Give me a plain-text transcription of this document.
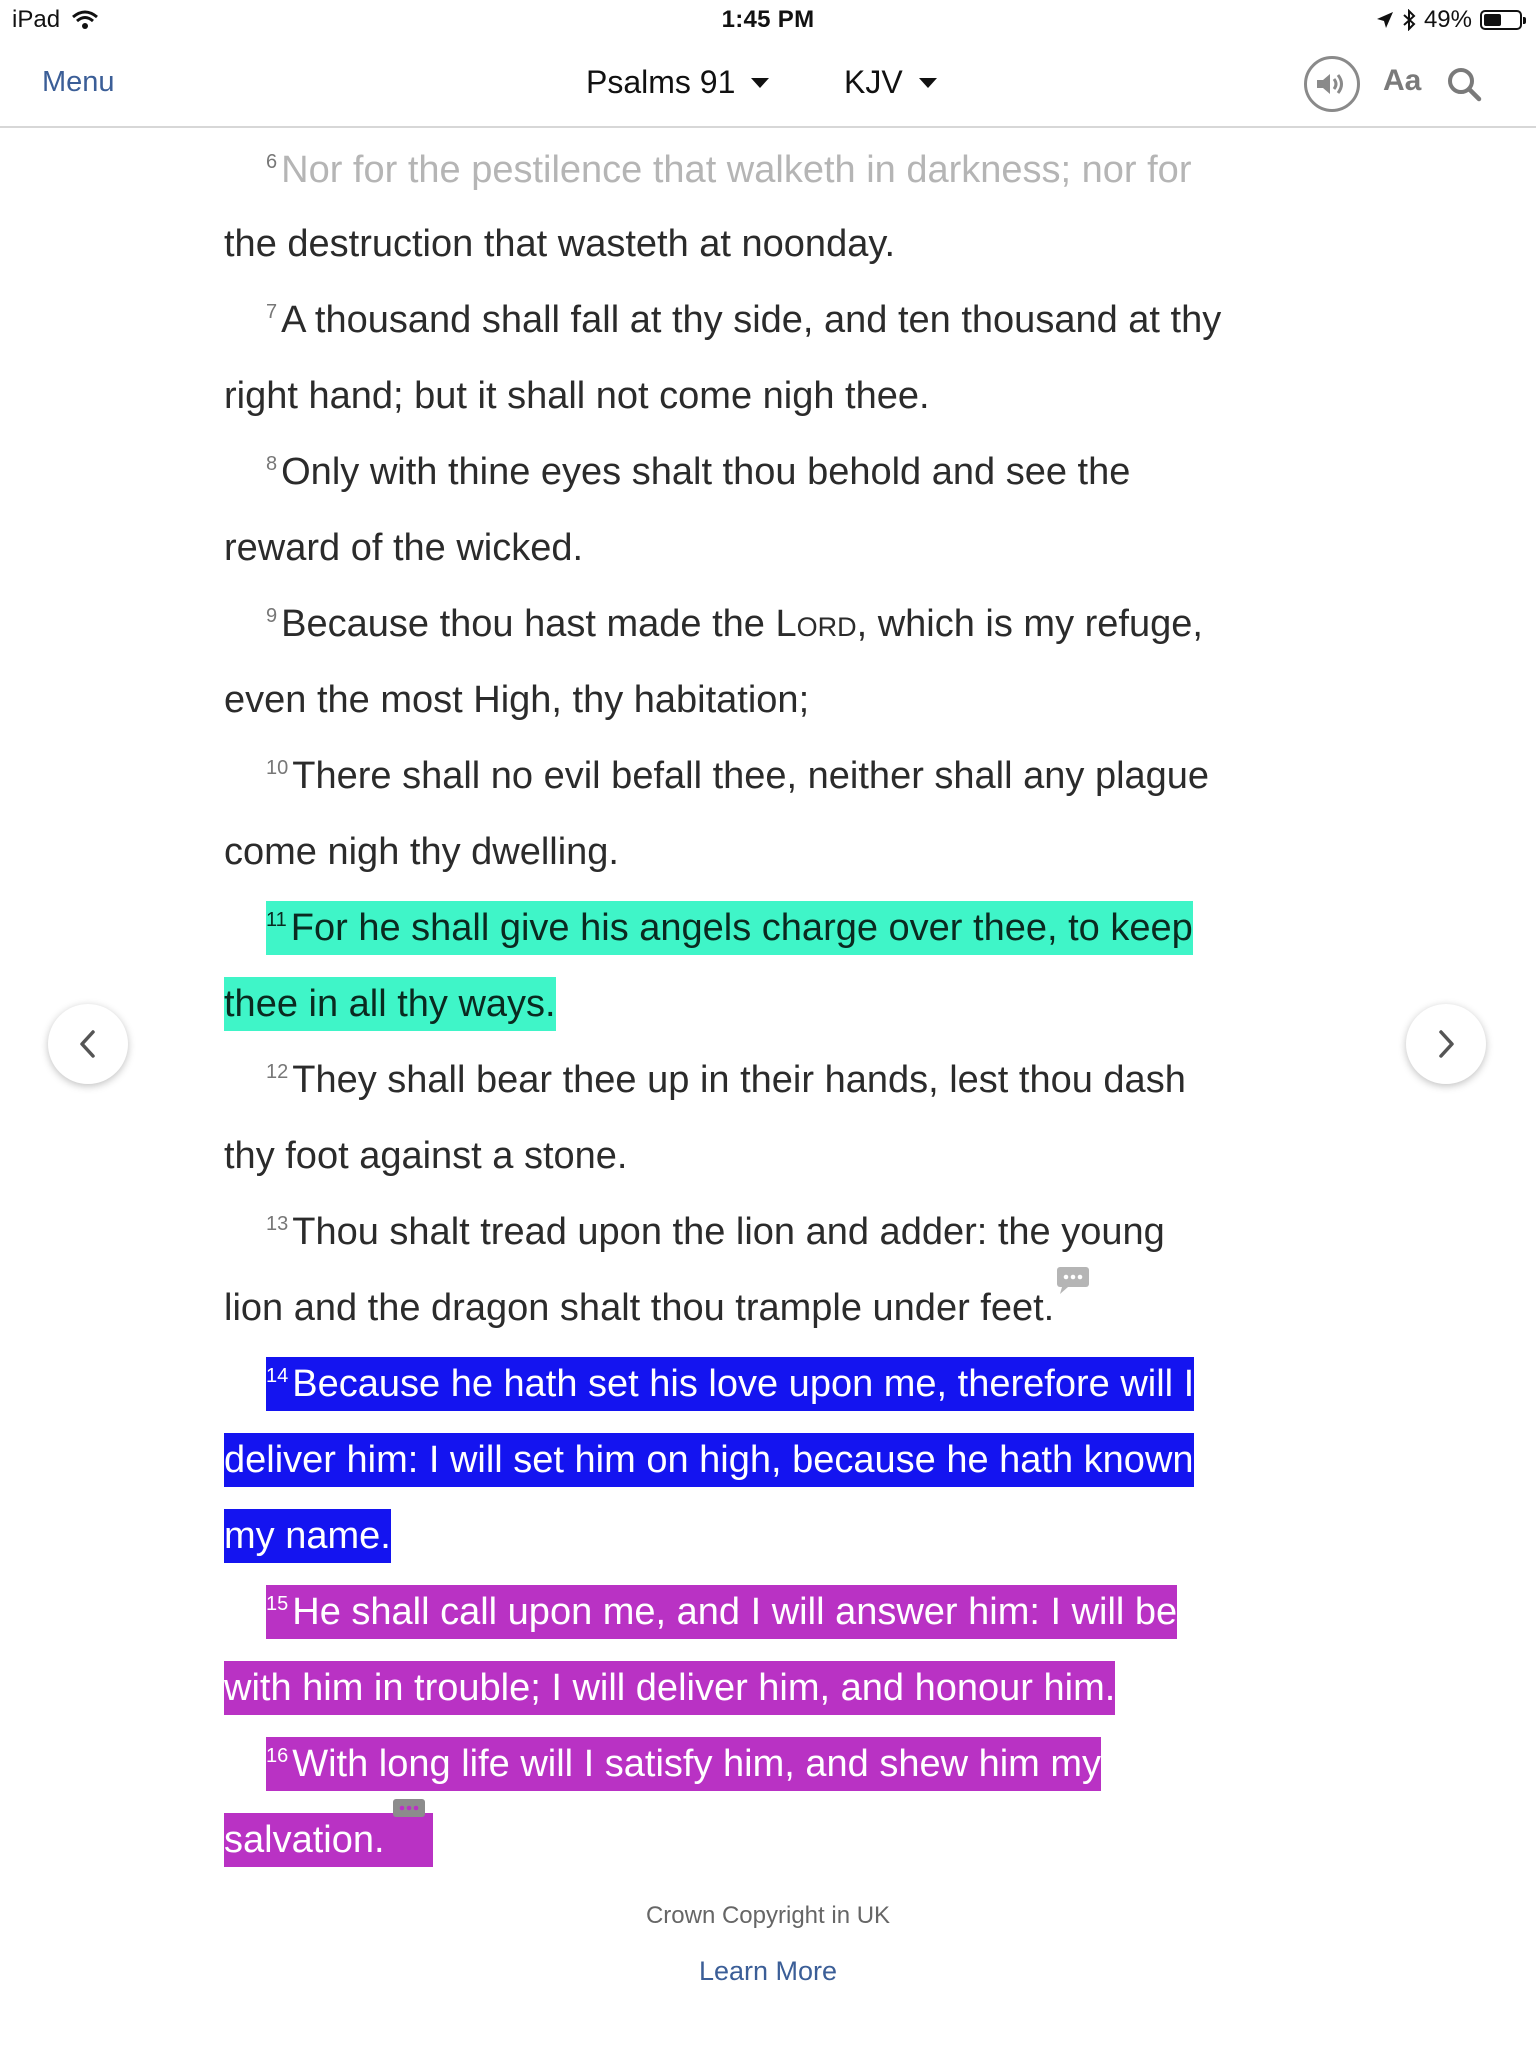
iPad	1:45 PM	49%
Menu	Psalms 91	KJV	Aa
$^6$ Nor for the pestilence that walketh in darkness; nor for
the destruction that wasteth at noonday.
$^7$ A thousand shall fall at thy side, and ten thousand at thy
right hand; but it shall not come nigh thee.
$^8$ Only with thine eyes shalt thou behold and see the
reward of the wicked.
$^9$ Because thou hast made the Lord, which is my refuge,
even the most High, thy habitation;
$^{10}$ There shall no evil befall thee, neither shall any plague
come nigh thy dwelling.
$^{11}$ For he shall give his angels charge over thee, to keep
thee in all thy ways.
$^{12}$ They shall bear thee up in their hands, lest thou dash
thy foot against a stone.
$^{13}$ Thou shalt tread upon the lion and adder: the young
lion and the dragon shalt thou trample under feet.
$^{14}$ Because he hath set his love upon me, therefore will I
deliver him: I will set him on high, because he hath known
my name.
$^{15}$ He shall call upon me, and I will answer him: I will be
with him in trouble; I will deliver him, and honour him.
$^{16}$ With long life will I satisfy him, and shew him my
salvation.
Crown Copyright in UK
Learn More
